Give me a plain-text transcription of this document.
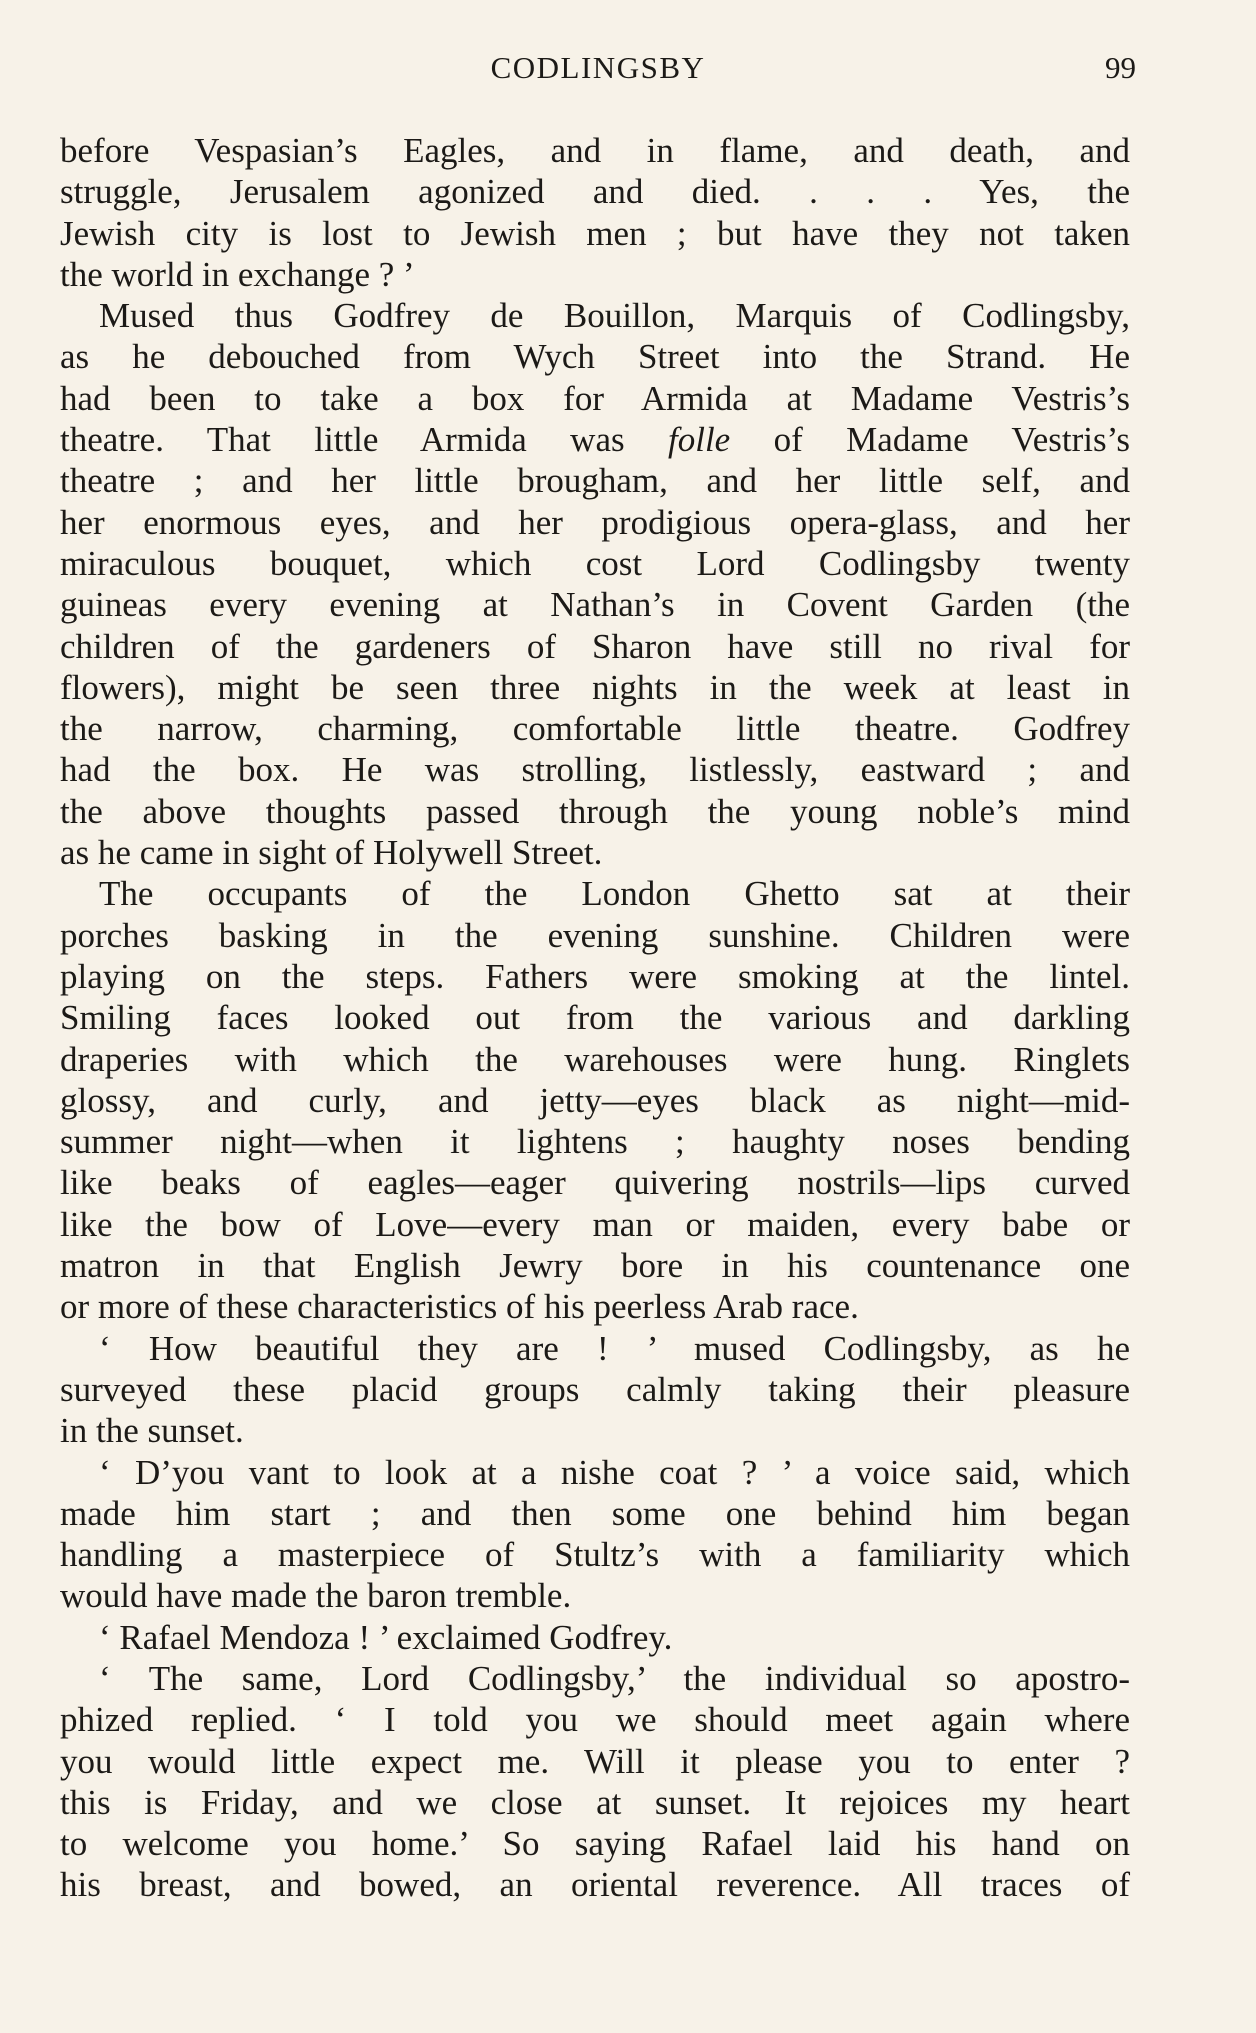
CODLINGSBY	99
before Vespasian’s Eagles, and in flame, and death, and
struggle, Jerusalem agonized and died. . . . Yes, the
Jewish city is lost to Jewish men ; but have they not taken
the world in exchange ? ’
Mused thus Godfrey de Bouillon, Marquis of Codlingsby,
as he debouched from Wych Street into the Strand. He
had been to take a box for Armida at Madame Vestris’s
theatre. That little Armida was folle of Madame Vestris’s
theatre ; and her little brougham, and her little self, and
her enormous eyes, and her prodigious opera-glass, and her
miraculous bouquet, which cost Lord Codlingsby twenty
guineas every evening at Nathan’s in Covent Garden (the
children of the gardeners of Sharon have still no rival for
flowers), might be seen three nights in the week at least in
the narrow, charming, comfortable little theatre. Godfrey
had the box. He was strolling, listlessly, eastward ; and
the above thoughts passed through the young noble’s mind
as he came in sight of Holywell Street.
The occupants of the London Ghetto sat at their
porches basking in the evening sunshine. Children were
playing on the steps. Fathers were smoking at the lintel.
Smiling faces looked out from the various and darkling
draperies with which the warehouses were hung. Ringlets
glossy, and curly, and jetty—eyes black as night—mid-
summer night—when it lightens ; haughty noses bending
like beaks of eagles—eager quivering nostrils—lips curved
like the bow of Love—every man or maiden, every babe or
matron in that English Jewry bore in his countenance one
or more of these characteristics of his peerless Arab race.
‘ How beautiful they are ! ’ mused Codlingsby, as he
surveyed these placid groups calmly taking their pleasure
in the sunset.
‘ D’you vant to look at a nishe coat ? ’ a voice said, which
made him start ; and then some one behind him began
handling a masterpiece of Stultz’s with a familiarity which
would have made the baron tremble.
‘ Rafael Mendoza ! ’ exclaimed Godfrey.
‘ The same, Lord Codlingsby,’ the individual so apostro-
phized replied. ‘ I told you we should meet again where
you would little expect me. Will it please you to enter ?
this is Friday, and we close at sunset. It rejoices my heart
to welcome you home.’ So saying Rafael laid his hand on
his breast, and bowed, an oriental reverence. All traces of
